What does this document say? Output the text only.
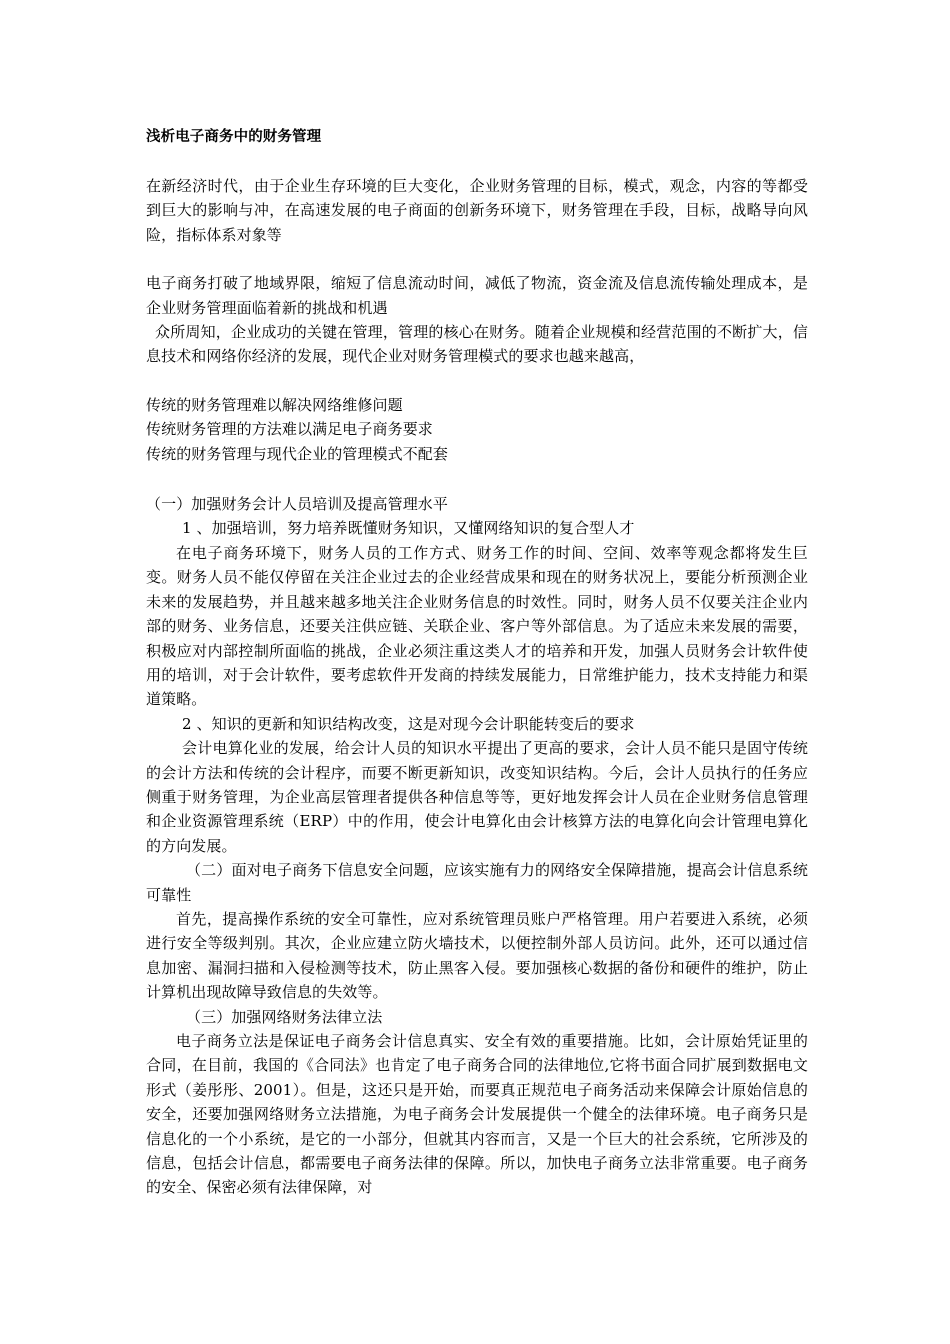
浅析电子商务中的财务管理

在新经济时代，由于企业生存环境的巨大变化，企业财务管理的目标，模式，观念，内容的等都受到巨大的影响与冲，在高速发展的电子商面的创新务环境下，财务管理在手段，目标，战略导向风险，指标体系对象等

电子商务打破了地域界限，缩短了信息流动时间，减低了物流，资金流及信息流传输处理成本，是企业财务管理面临着新的挑战和机遇

众所周知，企业成功的关键在管理，管理的核心在财务。随着企业规模和经营范围的不断扩大，信息技术和网络你经济的发展，现代企业对财务管理模式的要求也越来越高，

传统的财务管理难以解决网络维修问题

传统财务管理的方法难以满足电子商务要求

传统的财务管理与现代企业的管理模式不配套

（一）加强财务会计人员培训及提高管理水平

1 、加强培训，努力培养既懂财务知识，又懂网络知识的复合型人才

在电子商务环境下，财务人员的工作方式、财务工作的时间、空间、效率等观念都将发生巨变。财务人员不能仅停留在关注企业过去的企业经营成果和现在的财务状况上，要能分析预测企业未来的发展趋势，并且越来越多地关注企业财务信息的时效性。同时，财务人员不仅要关注企业内部的财务、业务信息，还要关注供应链、关联企业、客户等外部信息。为了适应未来发展的需要，积极应对内部控制所面临的挑战，企业必须注重这类人才的培养和开发，加强人员财务会计软件使用的培训，对于会计软件，要考虑软件开发商的持续发展能力，日常维护能力，技术支持能力和渠道策略。

2 、知识的更新和知识结构改变，这是对现今会计职能转变后的要求

会计电算化业的发展，给会计人员的知识水平提出了更高的要求，会计人员不能只是固守传统的会计方法和传统的会计程序，而要不断更新知识，改变知识结构。今后，会计人员执行的任务应侧重于财务管理，为企业高层管理者提供各种信息等等，更好地发挥会计人员在企业财务信息管理和企业资源管理系统（ERP）中的作用，使会计电算化由会计核算方法的电算化向会计管理电算化的方向发展。

（二）面对电子商务下信息安全问题，应该实施有力的网络安全保障措施，提高会计信息系统可靠性

首先，提高操作系统的安全可靠性，应对系统管理员账户严格管理。用户若要进入系统，必须进行安全等级判别。其次，企业应建立防火墙技术，以便控制外部人员访问。此外，还可以通过信息加密、漏洞扫描和入侵检测等技术，防止黑客入侵。要加强核心数据的备份和硬件的维护，防止计算机出现故障导致信息的失效等。

（三）加强网络财务法律立法

电子商务立法是保证电子商务会计信息真实、安全有效的重要措施。比如，会计原始凭证里的合同，在目前，我国的《合同法》也肯定了电子商务合同的法律地位,它将书面合同扩展到数据电文形式（姜彤彤、2001）。但是，这还只是开始，而要真正规范电子商务活动来保障会计原始信息的安全，还要加强网络财务立法措施，为电子商务会计发展提供一个健全的法律环境。电子商务只是信息化的一个小系统，是它的一小部分，但就其内容而言，又是一个巨大的社会系统，它所涉及的信息，包括会计信息，都需要电子商务法律的保障。所以，加快电子商务立法非常重要。电子商务的安全、保密必须有法律保障，对
